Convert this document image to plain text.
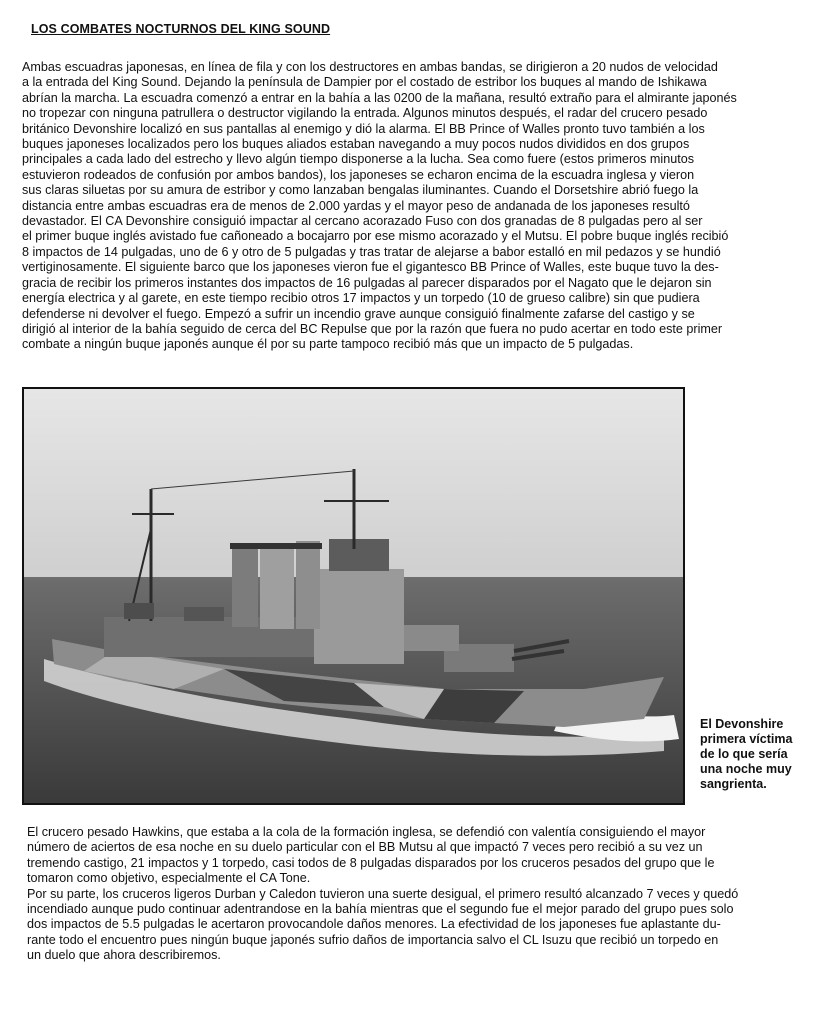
LOS COMBATES NOCTURNOS DEL KING SOUND
Ambas escuadras japonesas, en línea de fila y con los destructores en ambas bandas, se dirigieron a 20 nudos de velocidad
a la entrada del King Sound. Dejando la península de Dampier por el costado de estribor los buques al mando de Ishikawa
abrían la marcha. La escuadra comenzó a entrar en la bahía a las 0200 de la mañana, resultó extraño para el almirante japonés
no tropezar con ninguna patrullera o destructor vigilando la entrada. Algunos minutos después, el radar del crucero pesado
británico Devonshire localizó en sus pantallas al enemigo y dió la alarma. El BB Prince of Walles pronto tuvo también a los
buques japoneses localizados pero los buques aliados estaban navegando a muy pocos nudos divididos en dos grupos
principales a cada lado del estrecho y llevo algún tiempo disponerse a la lucha. Sea como fuere (estos primeros minutos
estuvieron rodeados de confusión por ambos bandos), los japoneses se echaron encima de la escuadra inglesa y vieron
sus claras siluetas por su amura de estribor y como lanzaban bengalas iluminantes. Cuando el Dorsetshire abrió fuego la
distancia entre ambas escuadras era de menos de 2.000 yardas y el mayor peso de andanada de los japoneses resultó
devastador. El CA Devonshire consiguió impactar al cercano acorazado Fuso con dos granadas de 8 pulgadas pero al ser
el primer buque inglés avistado fue cañoneado a bocajarro por ese mismo acorazado y el Mutsu. El pobre buque inglés recibió
8 impactos de 14 pulgadas, uno de 6 y otro de 5 pulgadas y tras tratar de alejarse a babor estalló en mil pedazos y se hundió
vertiginosamente. El siguiente barco que los japoneses vieron fue el gigantesco BB Prince of Walles, este buque tuvo la des-
gracia de recibir los primeros instantes dos impactos de 16 pulgadas al parecer disparados por el Nagato que le dejaron sin
energía electrica y al garete, en este tiempo recibio otros 17 impactos y un torpedo (10 de grueso calibre) sin que pudiera
defenderse ni devolver el fuego. Empezó a sufrir un incendio grave aunque consiguió finalmente zafarse del castigo y se
dirigió al interior de la bahía seguido de cerca del BC Repulse que por la razón que fuera no pudo acertar en todo este primer
combate a ningún buque japonés aunque él por su parte tampoco recibió más que un impacto de 5 pulgadas.
El Devonshire
primera víctima
de lo que sería
una noche muy
sangrienta.
El crucero pesado Hawkins, que estaba a la cola de la formación inglesa, se defendió con valentía consiguiendo el mayor
número de aciertos de esa noche en su duelo particular con el BB Mutsu al que impactó 7 veces pero recibió a su vez un
tremendo castigo, 21 impactos y 1 torpedo, casi todos de 8 pulgadas disparados por los cruceros pesados del grupo que le
tomaron como objetivo, especialmente el CA Tone.
Por su parte, los cruceros ligeros Durban y Caledon tuvieron una suerte desigual, el primero resultó alcanzado 7 veces y quedó
incendiado aunque pudo continuar adentrandose en la bahía mientras que el segundo fue el mejor parado del grupo pues solo
dos impactos de 5.5 pulgadas le acertaron provocandole daños menores. La efectividad de los japoneses fue aplastante du-
rante todo el encuentro pues ningún buque japonés sufrio daños de importancia salvo el CL Isuzu que recibió un torpedo en
un duelo que ahora describiremos.
